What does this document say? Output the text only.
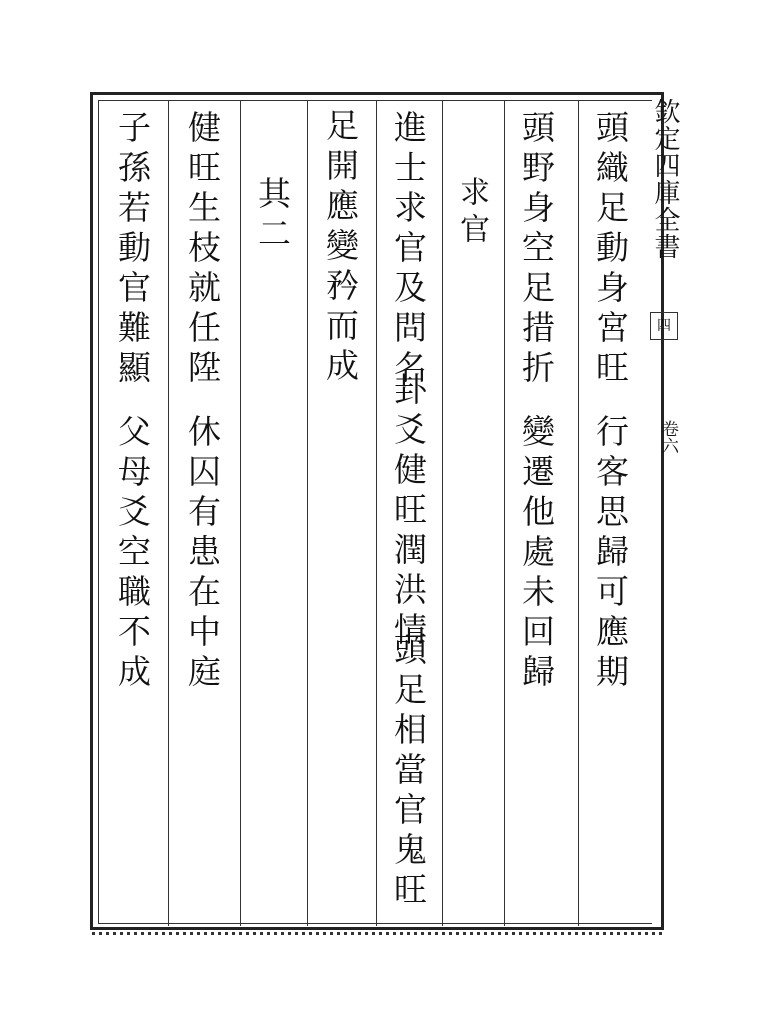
欽定四庫全書
四
卷六
頭織足動身宮旺
行客思歸可應期
頭野身空足措折
變遷他處未回歸
求官
進士求官及問名
卦爻健旺潤洪情
頭足相當官鬼旺
足開應變矜而成
其二
健旺生枝就任陞
休囚有患在中庭
子孫若動官難顯
父母爻空職不成
